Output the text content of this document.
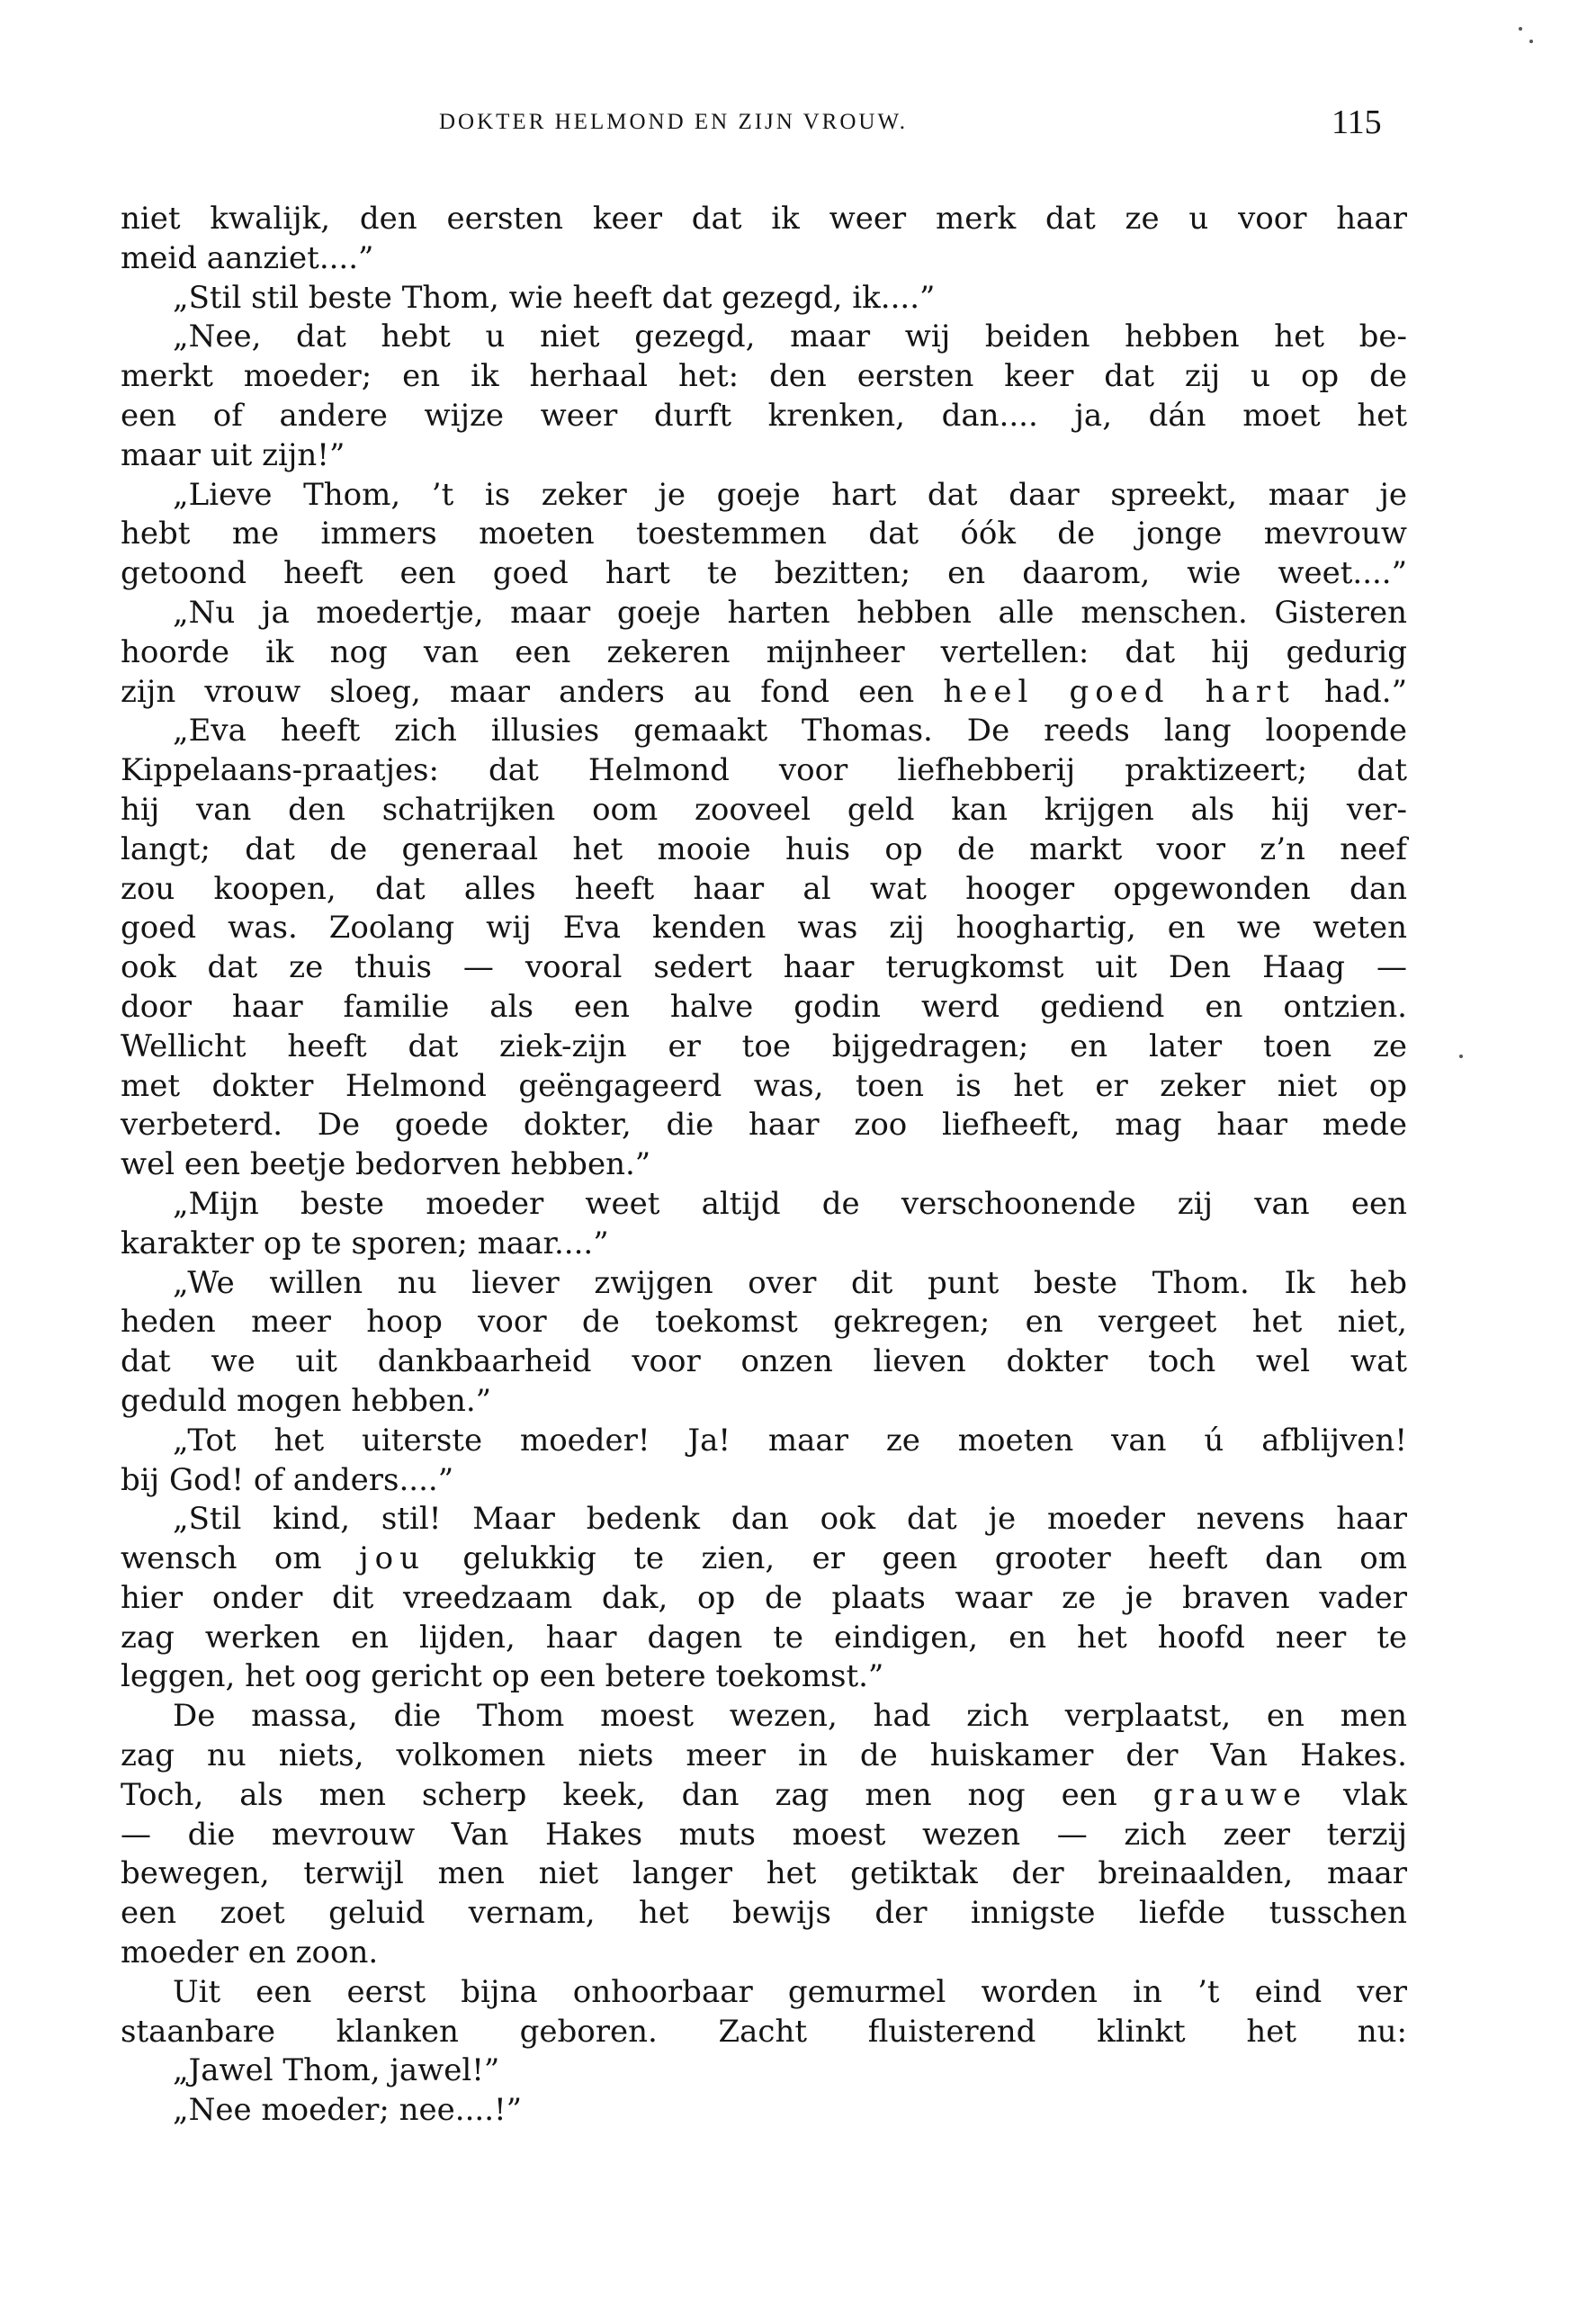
DOKTER HELMOND EN ZIJN VROUW.	115
niet kwalijk, den eersten keer dat ik weer merk dat ze u voor haar
meid aanziet....”
„Stil stil beste Thom, wie heeft dat gezegd, ik....”
„Nee, dat hebt u niet gezegd, maar wij beiden hebben het be-
merkt moeder; en ik herhaal het: den eersten keer dat zij u op de
een of andere wijze weer durft krenken, dan.... ja, dán moet het
maar uit zijn!”
„Lieve Thom, ’t is zeker je goeje hart dat daar spreekt, maar je
hebt me immers moeten toestemmen dat óók de jonge mevrouw
getoond heeft een goed hart te bezitten; en daarom, wie weet....”
„Nu ja moedertje, maar goeje harten hebben alle menschen. Gisteren
hoorde ik nog van een zekeren mijnheer vertellen: dat hij gedurig
zijn vrouw sloeg, maar anders au fond een heel goed hart had.”
„Eva heeft zich illusies gemaakt Thomas. De reeds lang loopende
Kippelaans-praatjes: dat Helmond voor liefhebberij praktizeert; dat
hij van den schatrijken oom zooveel geld kan krijgen als hij ver-
langt; dat de generaal het mooie huis op de markt voor z’n neef
zou koopen, dat alles heeft haar al wat hooger opgewonden dan
goed was. Zoolang wij Eva kenden was zij hooghartig, en we weten
ook dat ze thuis — vooral sedert haar terugkomst uit Den Haag —
door haar familie als een halve godin werd gediend en ontzien.
Wellicht heeft dat ziek-zijn er toe bijgedragen; en later toen ze
met dokter Helmond geëngageerd was, toen is het er zeker niet op
verbeterd. De goede dokter, die haar zoo liefheeft, mag haar mede
wel een beetje bedorven hebben.”
„Mijn beste moeder weet altijd de verschoonende zij van een
karakter op te sporen; maar....”
„We willen nu liever zwijgen over dit punt beste Thom. Ik heb
heden meer hoop voor de toekomst gekregen; en vergeet het niet,
dat we uit dankbaarheid voor onzen lieven dokter toch wel wat
geduld mogen hebben.”
„Tot het uiterste moeder! Ja! maar ze moeten van ú afblijven!
bij God! of anders....”
„Stil kind, stil! Maar bedenk dan ook dat je moeder nevens haar
wensch om jou gelukkig te zien, er geen grooter heeft dan om
hier onder dit vreedzaam dak, op de plaats waar ze je braven vader
zag werken en lijden, haar dagen te eindigen, en het hoofd neer te
leggen, het oog gericht op een betere toekomst.”
De massa, die Thom moest wezen, had zich verplaatst, en men
zag nu niets, volkomen niets meer in de huiskamer der Van Hakes.
Toch, als men scherp keek, dan zag men nog een grauwe vlak
— die mevrouw Van Hakes muts moest wezen — zich zeer terzij
bewegen, terwijl men niet langer het getiktak der breinaalden, maar
een zoet geluid vernam, het bewijs der innigste liefde tusschen
moeder en zoon.
Uit een eerst bijna onhoorbaar gemurmel worden in ’t eind ver
staanbare klanken geboren. Zacht fluisterend klinkt het nu:
„Jawel Thom, jawel!”
„Nee moeder; nee....!”
